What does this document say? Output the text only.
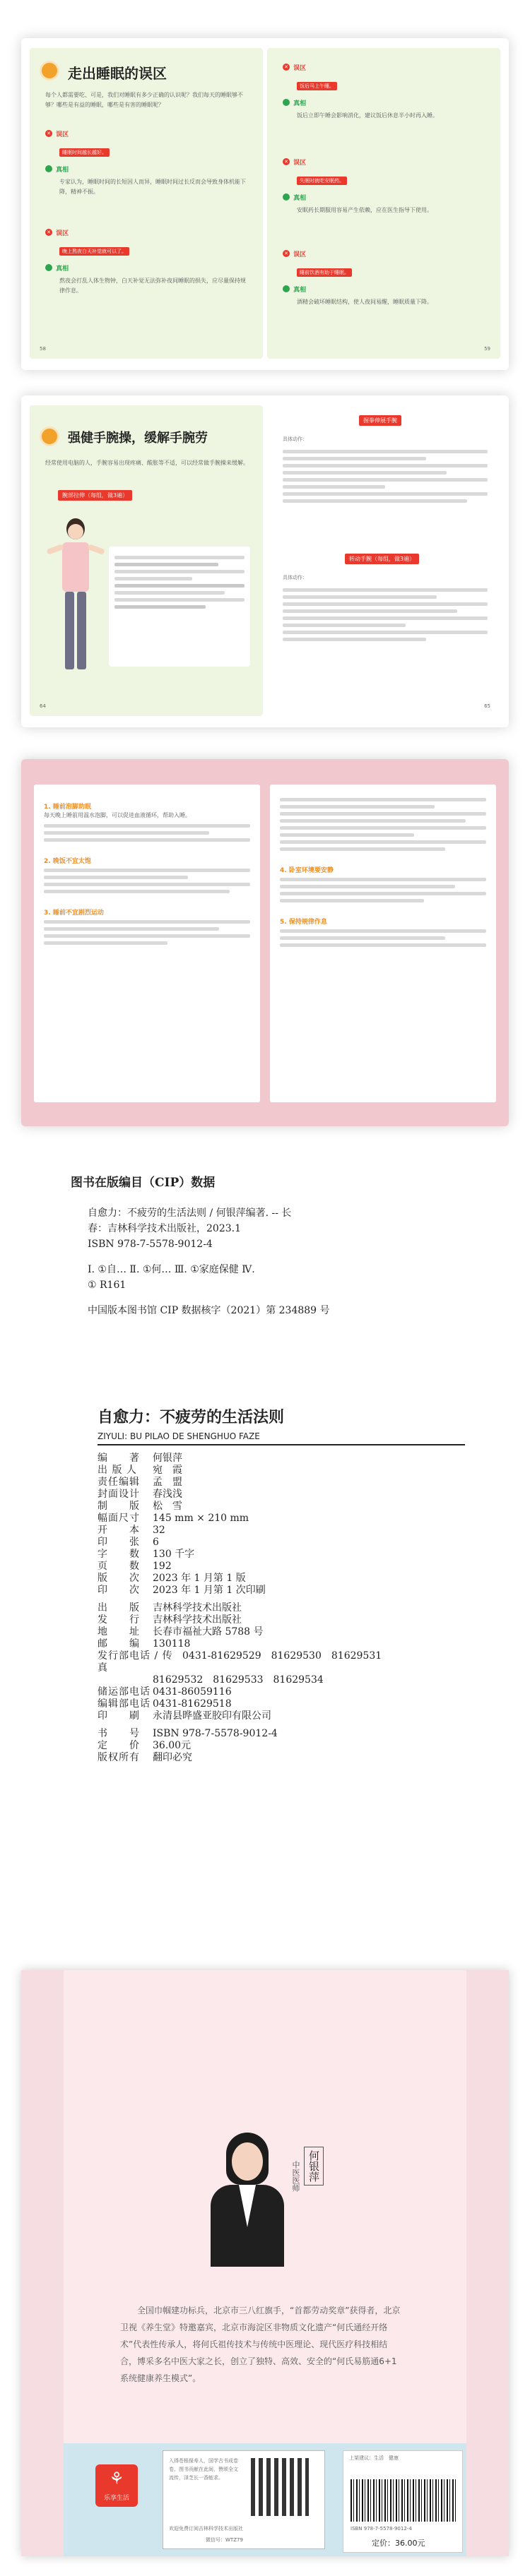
走出睡眠的误区
每个人都需要吃、可是，我们对睡眠有多少正确的认识呢？我们每天的睡眠够不够？哪些是有益的睡眠，哪些是有害的睡眠呢？
✕ 误区
睡眠时间越长越好。
真相
专家认为，睡眠时间的长短因人而异，睡眠时间过长反而会导致身体机能下降，精神不振。
✕ 误区
晚上熬夜白天补觉就可以了。
真相
熬夜会打乱人体生物钟，白天补觉无法弥补夜间睡眠的损失，应尽量保持规律作息。
58
✕ 误区
饭后马上午睡。
真相
饭后立即午睡会影响消化，建议饭后休息半小时再入睡。
✕ 误区
失眠时就吃安眠药。
真相
安眠药长期服用容易产生依赖，应在医生指导下使用。
✕ 误区
睡前饮酒有助于睡眠。
真相
酒精会破坏睡眠结构，使人夜间易醒，睡眠质量下降。
59
强健手腕操，缓解手腕劳
经常使用电脑的人，手腕容易出现疼痛、酸胀等不适，可以经常做手腕操来缓解。
腕部拉伸（每组，做3遍）
64
握拳伸展手腕
具体动作：
转动手腕（每组，做3遍）
具体动作：
65
1. 睡前泡脚助眠
每天晚上睡前用温水泡脚，可以促进血液循环，帮助入睡。
2. 晚饭不宜太饱
3. 睡前不宜剧烈运动
4. 卧室环境要安静
5. 保持规律作息
图书在版编目（CIP）数据
自愈力：不疲劳的生活法则 / 何银萍编著. -- 长
春：吉林科学技术出版社，2023.1
ISBN 978-7-5578-9012-4
Ⅰ. ①自… Ⅱ. ①何… Ⅲ. ①家庭保健 Ⅳ.
① R161
中国版本图书馆 CIP 数据核字（2021）第 234889 号
自愈力：不疲劳的生活法则
ZIYULI: BU PILAO DE SHENGHUO FAZE
编　　著	何银萍
出 版 人	宛　霞
责任编辑	孟　盟
封面设计	春浅浅
制　　版	松　雪
幅面尺寸	145 mm × 210 mm
开　　本	32
印　　张	6
字　　数	130 千字
页　　数	192
版　　次	2023 年 1 月第 1 版
印　　次	2023 年 1 月第 1 次印刷
出　　版	吉林科学技术出版社
发　　行	吉林科学技术出版社
地　　址	长春市福祉大路 5788 号
邮　　编	130118
发行部电话 / 传真
0431-81629529　81629530　81629531
81629532　81629533　81629534
储运部电话 0431-86059116
编辑部电话 0431-81629518
印　　刷	永清县晔盛亚胶印有限公司
书　　号	ISBN 978-7-5578-9012-4
定　　价	36.00元
版权所有	翻印必究
何银萍
中医医师
全国巾帼建功标兵，北京市三八红旗手，“首都劳动奖章”获得者，北京卫视《养生堂》特邀嘉宾，北京市海淀区非物质文化遗产“何氏通经开络术”代表性传承人，将何氏祖传技术与传统中医理论、现代医疗科技相结合，博采多名中医大家之长，创立了独特、高效、安全的“何氏易筋通6+1系统健康养生模式”。
入得苍根保寿人，国学古书成卷卷，图书贡献在此间，赞颂全文流传，泽芝长一香能求。
欢迎免费订阅吉林科学技术出版社
微信号：WTZ79
⚘
乐享生活
上架建议：生活　健康
ISBN 978-7-5578-9012-4
定价：36.00元
